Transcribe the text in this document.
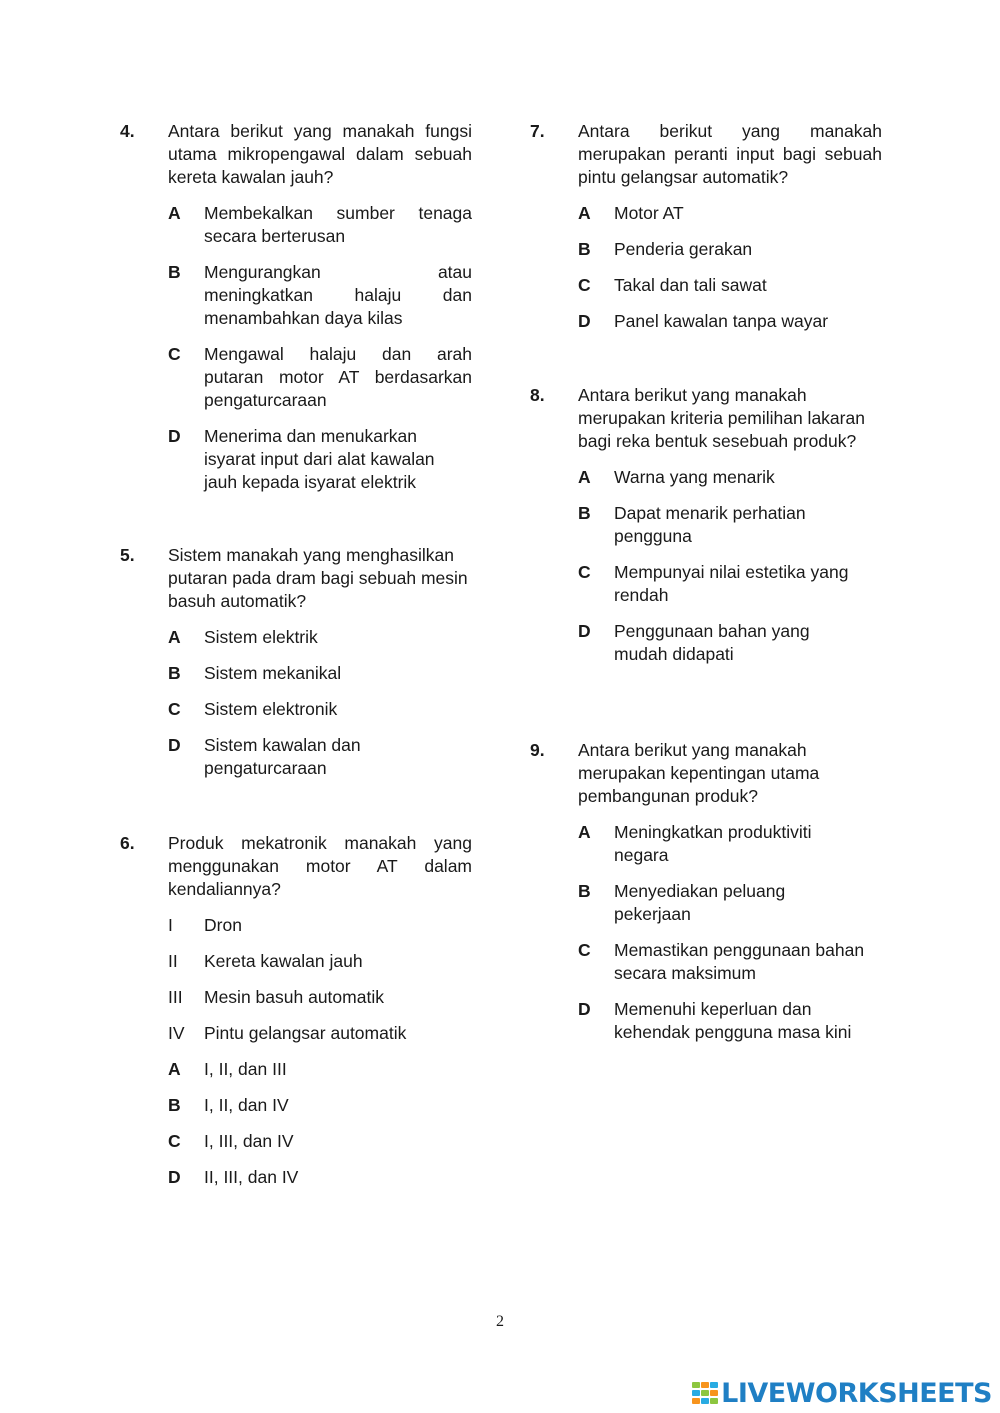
4. Antara berikut yang manakah fungsi utama mikropengawal dalam sebuah kereta kawalan jauh?
A Membekalkan sumber tenaga secara berterusan
B Mengurangkan atau meningkatkan halaju dan menambahkan daya kilas
C Mengawal halaju dan arah putaran motor AT berdasarkan pengaturcaraan
D Menerima dan menukarkan isyarat input dari alat kawalan jauh kepada isyarat elektrik
5. Sistem manakah yang menghasilkan putaran pada dram bagi sebuah mesin basuh automatik?
A Sistem elektrik
B Sistem mekanikal
C Sistem elektronik
D Sistem kawalan dan pengaturcaraan
6. Produk mekatronik manakah yang menggunakan motor AT dalam kendaliannya?
I Dron
II Kereta kawalan jauh
III Mesin basuh automatik
IV Pintu gelangsar automatik
A I, II, dan III
B I, II, dan IV
C I, III, dan IV
D II, III, dan IV
7. Antara berikut yang manakah merupakan peranti input bagi sebuah pintu gelangsar automatik?
A Motor AT
B Penderia gerakan
C Takal dan tali sawat
D Panel kawalan tanpa wayar
8. Antara berikut yang manakah merupakan kriteria pemilihan lakaran bagi reka bentuk sesebuah produk?
A Warna yang menarik
B Dapat menarik perhatian pengguna
C Mempunyai nilai estetika yang rendah
D Penggunaan bahan yang mudah didapati
9. Antara berikut yang manakah merupakan kepentingan utama pembangunan produk?
A Meningkatkan produktiviti negara
B Menyediakan peluang pekerjaan
C Memastikan penggunaan bahan secara maksimum
D Memenuhi keperluan dan kehendak pengguna masa kini
2
LIVEWORKSHEETS
